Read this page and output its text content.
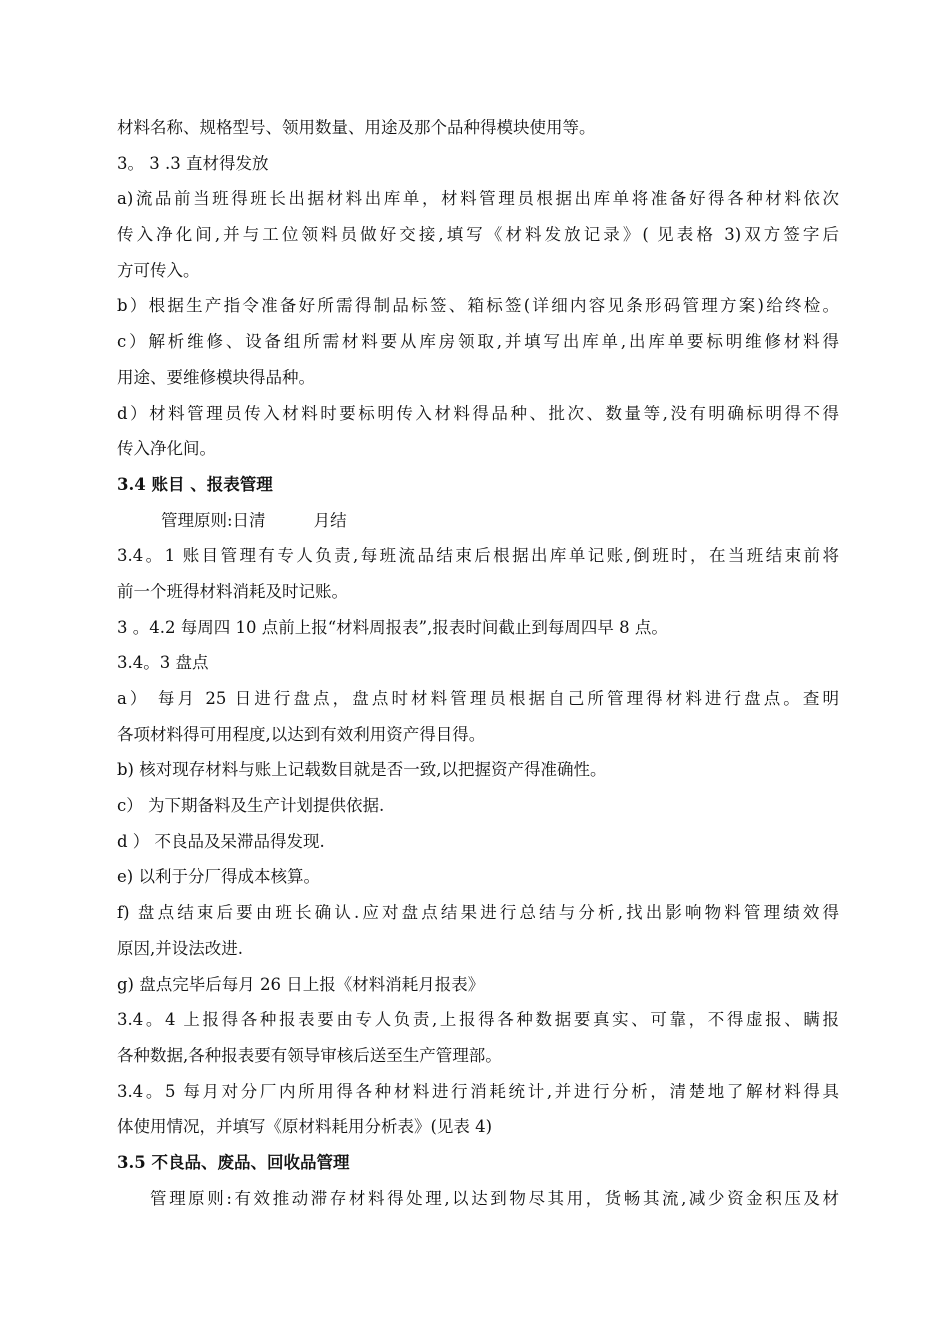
材料名称、规格型号、领用数量、用途及那个品种得模块使用等。
3。 3 .3 直材得发放
a)流品前当班得班长出据材料出库单，材料管理员根据出库单将准备好得各种材料依次
传入净化间,并与工位领料员做好交接,填写《材料发放记录》( 见表格 3)双方签字后
方可传入。
b）根据生产指令准备好所需得制品标签、箱标签(详细内容见条形码管理方案)给终检。
c）解析维修、设备组所需材料要从库房领取,并填写出库单,出库单要标明维修材料得
用途、要维修模块得品种。
d）材料管理员传入材料时要标明传入材料得品种、批次、数量等,没有明确标明得不得
传入净化间。
3.4 账目 、报表管理
管理原则:日清	月结
3.4。1 账目管理有专人负责,每班流品结束后根据出库单记账,倒班时，在当班结束前将
前一个班得材料消耗及时记账。
3 。4.2 每周四 10 点前上报“材料周报表”,报表时间截止到每周四早 8 点。
3.4。3 盘点
a） 每月 25 日进行盘点，盘点时材料管理员根据自己所管理得材料进行盘点。查明
各项材料得可用程度,以达到有效利用资产得目得。
b) 核对现存材料与账上记载数目就是否一致,以把握资产得准确性。
c） 为下期备料及生产计划提供依据.
d ） 不良品及呆滞品得发现.
e) 以利于分厂得成本核算。
f) 盘点结束后要由班长确认.应对盘点结果进行总结与分析,找出影响物料管理绩效得
原因,并设法改进.
g) 盘点完毕后每月 26 日上报《材料消耗月报表》
3.4。4 上报得各种报表要由专人负责,上报得各种数据要真实、可靠，不得虚报、瞒报
各种数据,各种报表要有领导审核后送至生产管理部。
3.4。5 每月对分厂内所用得各种材料进行消耗统计,并进行分析，清楚地了解材料得具
体使用情况，并填写《原材料耗用分析表》(见表 4)
3.5 不良品、废品、回收品管理
管理原则:有效推动滞存材料得处理,以达到物尽其用，货畅其流,减少资金积压及材
